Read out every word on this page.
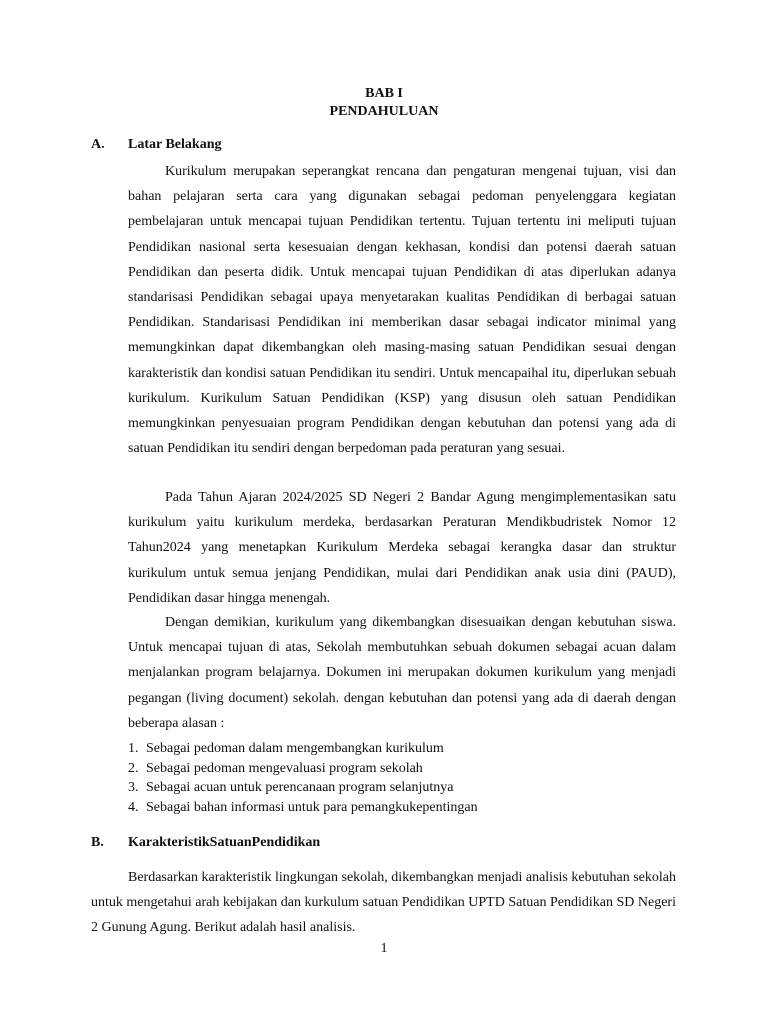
BAB I
PENDAHULUAN
A. Latar Belakang

Kurikulum merupakan seperangkat rencana dan pengaturan mengenai tujuan, visi dan bahan pelajaran serta cara yang digunakan sebagai pedoman penyelenggara kegiatan pembelajaran untuk mencapai tujuan Pendidikan tertentu. Tujuan tertentu ini meliputi tujuan Pendidikan nasional serta kesesuaian dengan kekhasan, kondisi dan potensi daerah satuan Pendidikan dan peserta didik. Untuk mencapai tujuan Pendidikan di atas diperlukan adanya standarisasi Pendidikan sebagai upaya menyetarakan kualitas Pendidikan di berbagai satuan Pendidikan. Standarisasi Pendidikan ini memberikan dasar sebagai indicator minimal yang memungkinkan dapat dikembangkan oleh masing-masing satuan Pendidikan sesuai dengan karakteristik dan kondisi satuan Pendidikan itu sendiri. Untuk mencapaihal itu, diperlukan sebuah kurikulum. Kurikulum Satuan Pendidikan (KSP) yang disusun oleh satuan Pendidikan memungkinkan penyesuaian program Pendidikan dengan kebutuhan dan potensi yang ada di satuan Pendidikan itu sendiri dengan berpedoman pada peraturan yang sesuai.

Pada Tahun Ajaran 2024/2025 SD Negeri 2 Bandar Agung mengimplementasikan satu kurikulum yaitu kurikulum merdeka, berdasarkan Peraturan Mendikbudristek Nomor 12 Tahun2024 yang menetapkan Kurikulum Merdeka sebagai kerangka dasar dan struktur kurikulum untuk semua jenjang Pendidikan, mulai dari Pendidikan anak usia dini (PAUD), Pendidikan dasar hingga menengah.

Dengan demikian, kurikulum yang dikembangkan disesuaikan dengan kebutuhan siswa. Untuk mencapai tujuan di atas, Sekolah membutuhkan sebuah dokumen sebagai acuan dalam menjalankan program belajarnya. Dokumen ini merupakan dokumen kurikulum yang menjadi pegangan (living document) sekolah. dengan kebutuhan dan potensi yang ada di daerah dengan beberapa alasan :

1. Sebagai pedoman dalam mengembangkan kurikulum
2. Sebagai pedoman mengevaluasi program sekolah
3. Sebagai acuan untuk perencanaan program selanjutnya
4. Sebagai bahan informasi untuk para pemangkukepentingan
B. KarakteristikSatuanPendidikan

Berdasarkan karakteristik lingkungan sekolah, dikembangkan menjadi analisis kebutuhan sekolah untuk mengetahui arah kebijakan dan kurkulum satuan Pendidikan UPTD Satuan Pendidikan SD Negeri 2 Gunung Agung. Berikut adalah hasil analisis.

1
